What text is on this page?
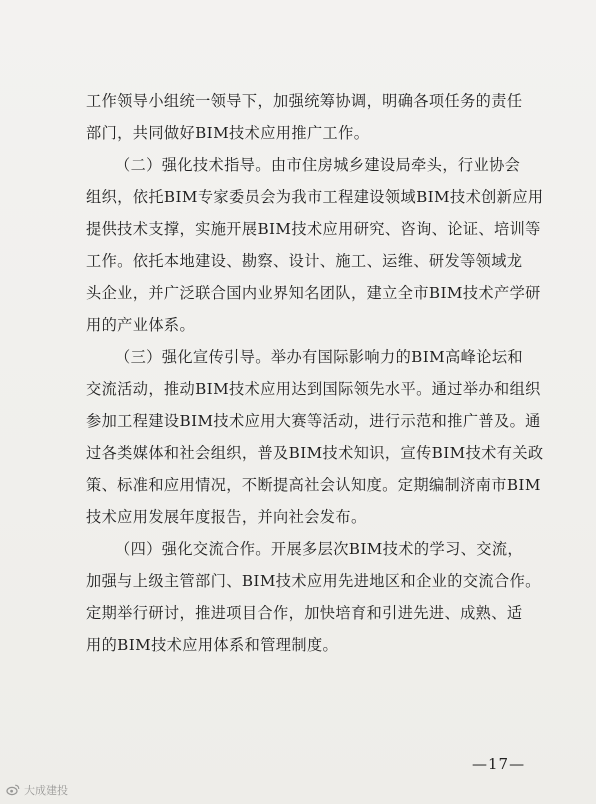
工作领导小组统一领导下，加强统筹协调，明确各项任务的责任
部门，共同做好BIM技术应用推广工作。
（二）强化技术指导。由市住房城乡建设局牵头，行业协会
组织，依托BIM专家委员会为我市工程建设领域BIM技术创新应用
提供技术支撑，实施开展BIM技术应用研究、咨询、论证、培训等
工作。依托本地建设、勘察、设计、施工、运维、研发等领域龙
头企业，并广泛联合国内业界知名团队，建立全市BIM技术产学研
用的产业体系。
（三）强化宣传引导。举办有国际影响力的BIM高峰论坛和
交流活动，推动BIM技术应用达到国际领先水平。通过举办和组织
参加工程建设BIM技术应用大赛等活动，进行示范和推广普及。通
过各类媒体和社会组织，普及BIM技术知识，宣传BIM技术有关政
策、标准和应用情况，不断提高社会认知度。定期编制济南市BIM
技术应用发展年度报告，并向社会发布。
（四）强化交流合作。开展多层次BIM技术的学习、交流，
加强与上级主管部门、BIM技术应用先进地区和企业的交流合作。
定期举行研讨，推进项目合作，加快培育和引进先进、成熟、适
用的BIM技术应用体系和管理制度。
—17—
大成建投
